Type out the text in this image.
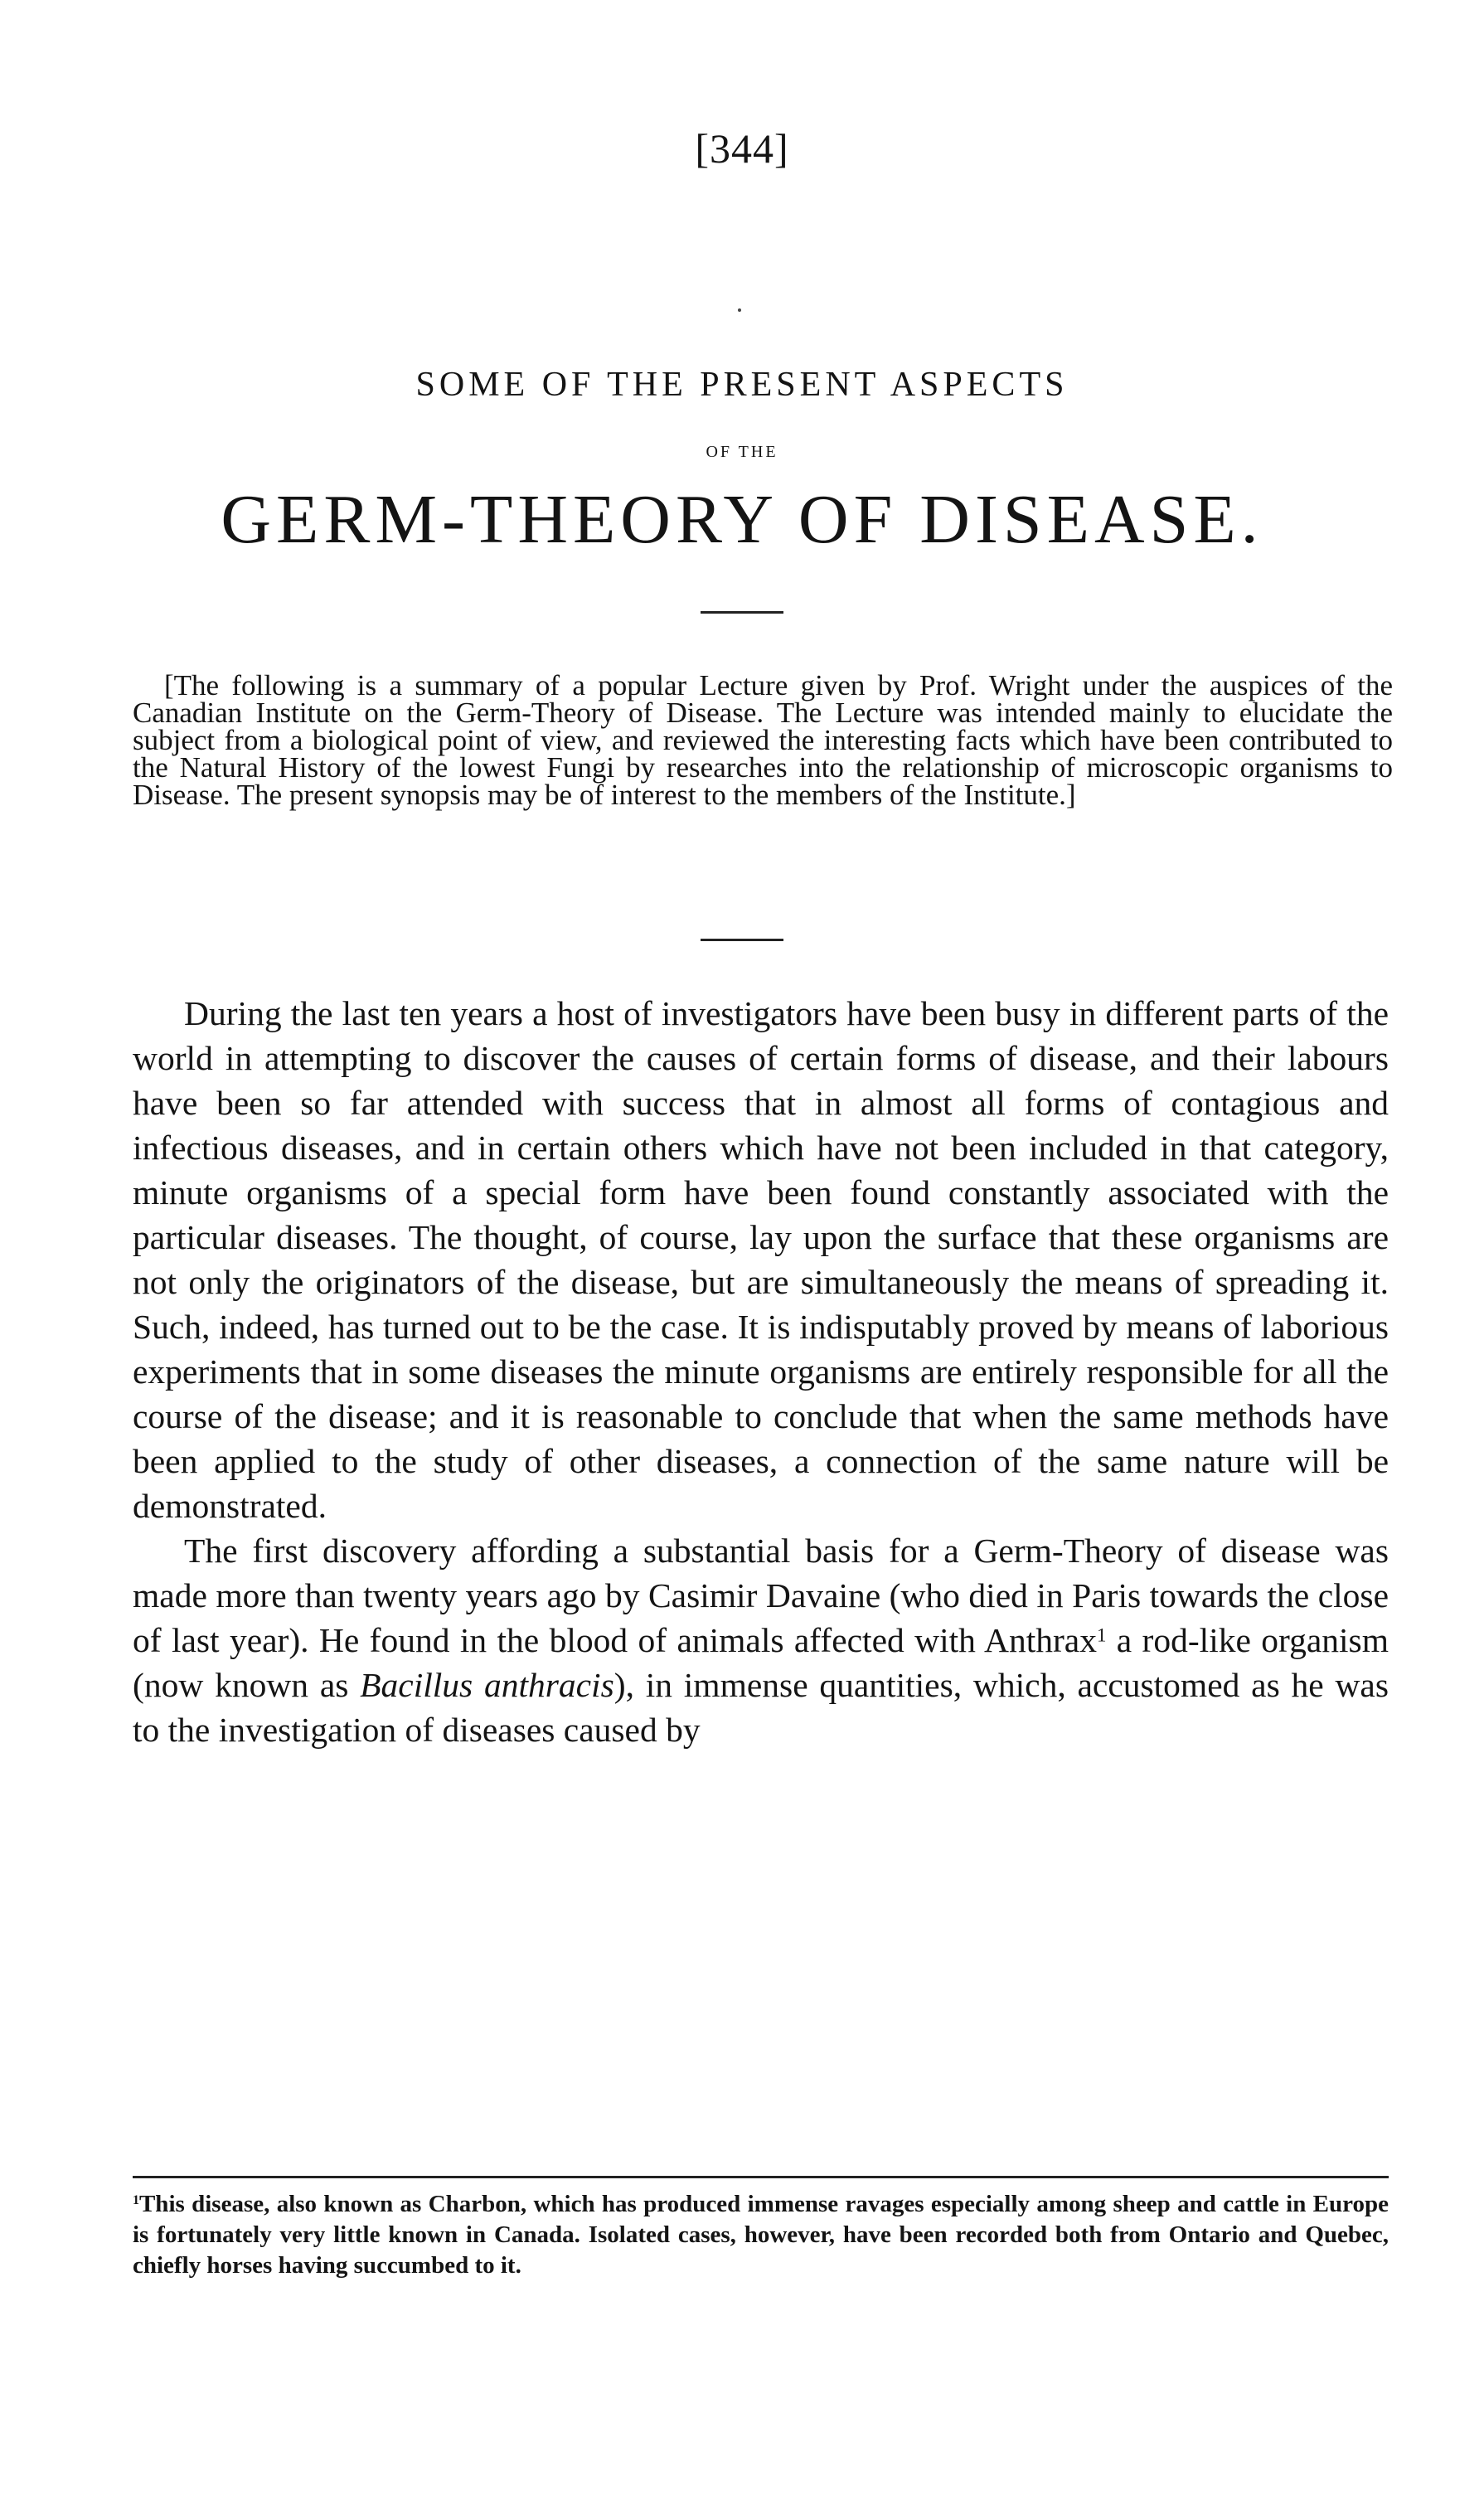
[344]
SOME OF THE PRESENT ASPECTS
OF THE
GERM-THEORY OF DISEASE.

[The following is a summary of a popular Lecture given by Prof. Wright under the auspices of the Canadian Institute on the Germ-Theory of Disease. The Lecture was intended mainly to elucidate the subject from a biological point of view, and reviewed the interesting facts which have been contributed to the Natural History of the lowest Fungi by researches into the relationship of microscopic organisms to Disease. The present synopsis may be of interest to the members of the Institute.]

During the last ten years a host of investigators have been busy in different parts of the world in attempting to discover the causes of certain forms of disease, and their labours have been so far attended with success that in almost all forms of contagious and infectious diseases, and in certain others which have not been included in that category, minute organisms of a special form have been found constantly associated with the particular diseases. The thought, of course, lay upon the surface that these organisms are not only the originators of the disease, but are simultaneously the means of spreading it. Such, indeed, has turned out to be the case. It is indisputably proved by means of laborious experiments that in some diseases the minute organisms are entirely responsible for all the course of the disease; and it is reasonable to conclude that when the same methods have been applied to the study of other diseases, a connection of the same nature will be demonstrated.

The first discovery affording a substantial basis for a Germ-Theory of disease was made more than twenty years ago by Casimir Davaine (who died in Paris towards the close of last year). He found in the blood of animals affected with Anthrax$^1$ a rod-like organism (now known as Bacillus anthracis), in immense quantities, which, accustomed as he was to the investigation of diseases caused by

$^1$This disease, also known as Charbon, which has produced immense ravages especially among sheep and cattle in Europe is fortunately very little known in Canada. Isolated cases, however, have been recorded both from Ontario and Quebec, chiefly horses having succumbed to it.
